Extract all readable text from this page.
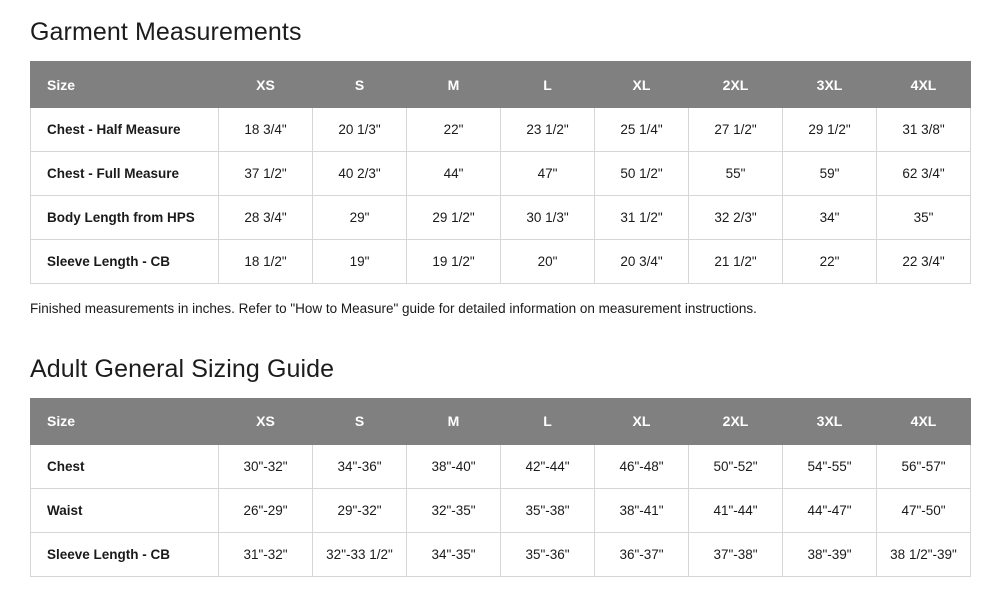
Garment Measurements
Size	XS	S	M	L	XL	2XL	3XL	4XL
Chest - Half Measure	18 3/4"	20 1/3"	22"	23 1/2"	25 1/4"	27 1/2"	29 1/2"	31 3/8"
Chest - Full Measure	37 1/2"	40 2/3"	44"	47"	50 1/2"	55"	59"	62 3/4"
Body Length from HPS	28 3/4"	29"	29 1/2"	30 1/3"	31 1/2"	32 2/3"	34"	35"
Sleeve Length - CB	18 1/2"	19"	19 1/2"	20"	20 3/4"	21 1/2"	22"	22 3/4"

Finished measurements in inches. Refer to "How to Measure" guide for detailed information on measurement instructions.

Adult General Sizing Guide
Size	XS	S	M	L	XL	2XL	3XL	4XL
Chest	30"-32"	34"-36"	38"-40"	42"-44"	46"-48"	50"-52"	54"-55"	56"-57"
Waist	26"-29"	29"-32"	32"-35"	35"-38"	38"-41"	41"-44"	44"-47"	47"-50"
Sleeve Length - CB	31"-32"	32"-33 1/2"	34"-35"	35"-36"	36"-37"	37"-38"	38"-39"	38 1/2"-39"
